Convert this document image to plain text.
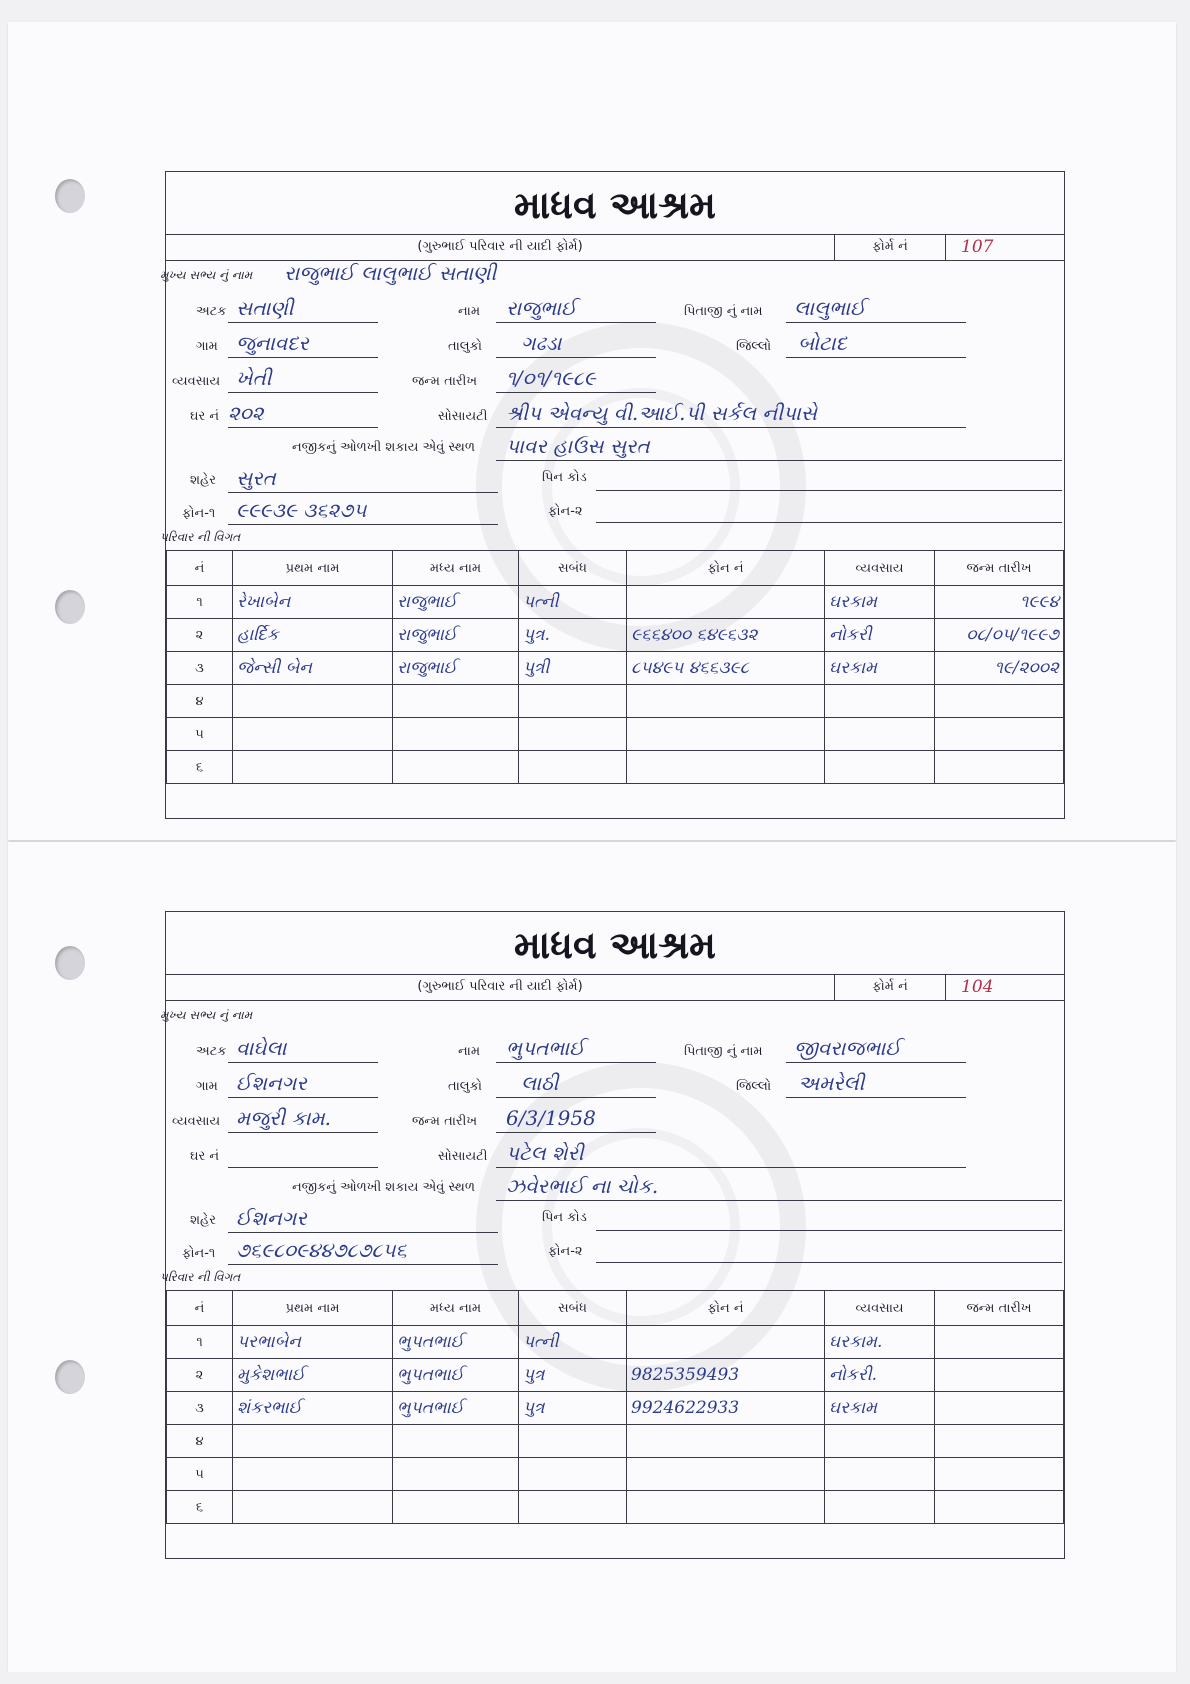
માધવ આશ્રમ
(ગુરુભાઈ પરિવાર ની યાદી ફોર્મ)	ફોર્મ નં	107
મુખ્ય સભ્ય નું નામ રાજુભાઈ લાલુભાઈ સતાણી
અટક સતાણી	નામ રાજુભાઈ	પિતાજી નું નામ લાલુભાઈ
ગામ જુનાવદર	તાલુકો ગઢડા	જિલ્લો બોટાદ
વ્યવસાય ખેતી	જન્મ તારીખ ૧/૦૧/૧૯૮૯
ઘર નં ૨૦૨	સોસાયટી શ્રીપ એવન્યુ વી.આઈ.પી સર્કલ નીપાસે
નજીકનું ઓળખી શકાય એવું સ્થળ પાવર હાઉસ સુરત
શહેર સુરત	પિન કોડ
ફોન-૧ ૯૯૯૩૯ ૩૬૨૭૫	ફોન-૨
પરિવાર ની વિગત
નં	પ્રથમ નામ	મધ્ય નામ	સબંધ	ફોન નં	વ્યવસાય	જન્મ તારીખ
૧	રેખાબેન	રાજુભાઈ	પત્ની		ઘરકામ	૧૯૯૪
૨	હાર્દિક	રાજુભાઈ	પુત્ર.	૯૬૬૪૦૦ ૬૪૯૬૩૨	નોકરી	૦૮/૦૫/૧૯૯૭
૩	જેન્સી બેન	રાજુભાઈ	પુત્રી	૮૫૪૯૫ ૪૬૬૩૯૮	ઘરકામ	૧૯/૨૦૦૨
૪						
૫						
૬						
માધવ આશ્રમ
(ગુરુભાઈ પરિવાર ની યાદી ફોર્મ)	ફોર્મ નં	104
મુખ્ય સભ્ય નું નામ
અટક વાઘેલા	નામ ભુપતભાઈ	પિતાજી નું નામ જીવરાજભાઈ
ગામ ઈશનગર	તાલુકો લાઠી	જિલ્લો અમરેલી
વ્યવસાય મજુરી કામ.	જન્મ તારીખ 6/3/1958
ઘર નં	સોસાયટી પટેલ શેરી
નજીકનું ઓળખી શકાય એવું સ્થળ ઝવેરભાઈ ના ચોક.
શહેર ઈશનગર	પિન કોડ
ફોન-૧ ૭૬૯૮૦૯૪૪૭૮૭૮૫૬	ફોન-૨
પરિવાર ની વિગત
નં	પ્રથમ નામ	મધ્ય નામ	સબંધ	ફોન નં	વ્યવસાય	જન્મ તારીખ
૧	પરભાબેન	ભુપતભાઈ	પત્ની		ઘરકામ.	
૨	મુકેશભાઈ	ભુપતભાઈ	પુત્ર	9825359493	નોકરી.	
૩	શંકરભાઈ	ભુપતભાઈ	પુત્ર	9924622933	ઘરકામ	
૪						
૫						
૬						
